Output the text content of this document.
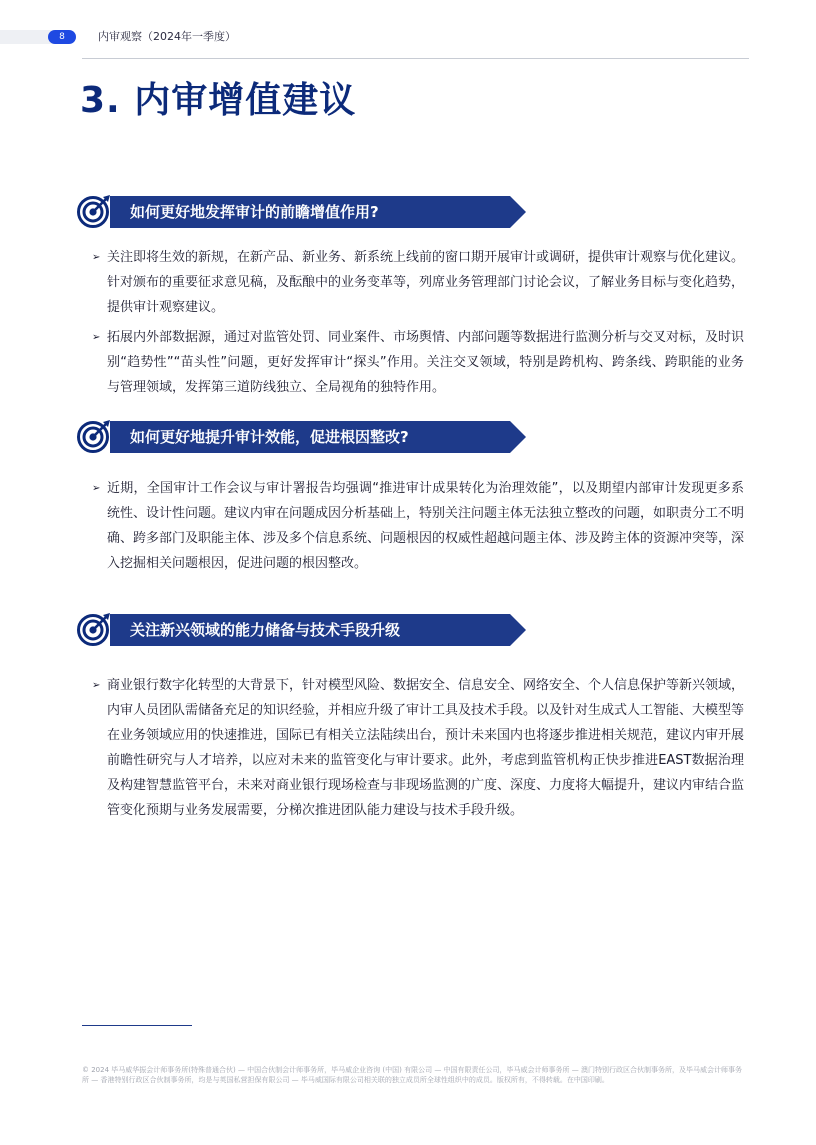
8	内审观察（2024年一季度）
3. 内审增值建议
如何更好地发挥审计的前瞻增值作用?
➢ 关注即将生效的新规，在新产品、新业务、新系统上线前的窗口期开展审计或调研，提供审计观察与优化建议。针对颁布的重要征求意见稿，及酝酿中的业务变革等，列席业务管理部门讨论会议，了解业务目标与变化趋势，提供审计观察建议。

➢ 拓展内外部数据源，通过对监管处罚、同业案件、市场舆情、内部问题等数据进行监测分析与交叉对标，及时识别“趋势性”“苗头性”问题，更好发挥审计“探头”作用。关注交叉领域，特别是跨机构、跨条线、跨职能的业务与管理领域，发挥第三道防线独立、全局视角的独特作用。

如何更好地提升审计效能，促进根因整改?
➢ 近期，全国审计工作会议与审计署报告均强调“推进审计成果转化为治理效能”，以及期望内部审计发现更多系统性、设计性问题。建议内审在问题成因分析基础上，特别关注问题主体无法独立整改的问题，如职责分工不明确、跨多部门及职能主体、涉及多个信息系统、问题根因的权威性超越问题主体、涉及跨主体的资源冲突等，深入挖掘相关问题根因，促进问题的根因整改。

关注新兴领域的能力储备与技术手段升级
➢ 商业银行数字化转型的大背景下，针对模型风险、数据安全、信息安全、网络安全、个人信息保护等新兴领域，内审人员团队需储备充足的知识经验，并相应升级了审计工具及技术手段。以及针对生成式人工智能、大模型等在业务领域应用的快速推进，国际已有相关立法陆续出台，预计未来国内也将逐步推进相关规范，建议内审开展前瞻性研究与人才培养，以应对未来的监管变化与审计要求。此外，考虑到监管机构正快步推进EAST数据治理及构建智慧监管平台，未来对商业银行现场检查与非现场监测的广度、深度、力度将大幅提升，建议内审结合监管变化预期与业务发展需要，分梯次推进团队能力建设与技术手段升级。

© 2024 毕马威华振会计师事务所(特殊普通合伙) — 中国合伙制会计师事务所，毕马威企业咨询 (中国) 有限公司 — 中国有限责任公司，毕马威会计师事务所 — 澳门特别行政区合伙制事务所，及毕马威会计师事务所 — 香港特别行政区合伙制事务所，均是与英国私营担保有限公司 — 毕马威国际有限公司相关联的独立成员所全球性组织中的成员。版权所有，不得转载。在中国印刷。
